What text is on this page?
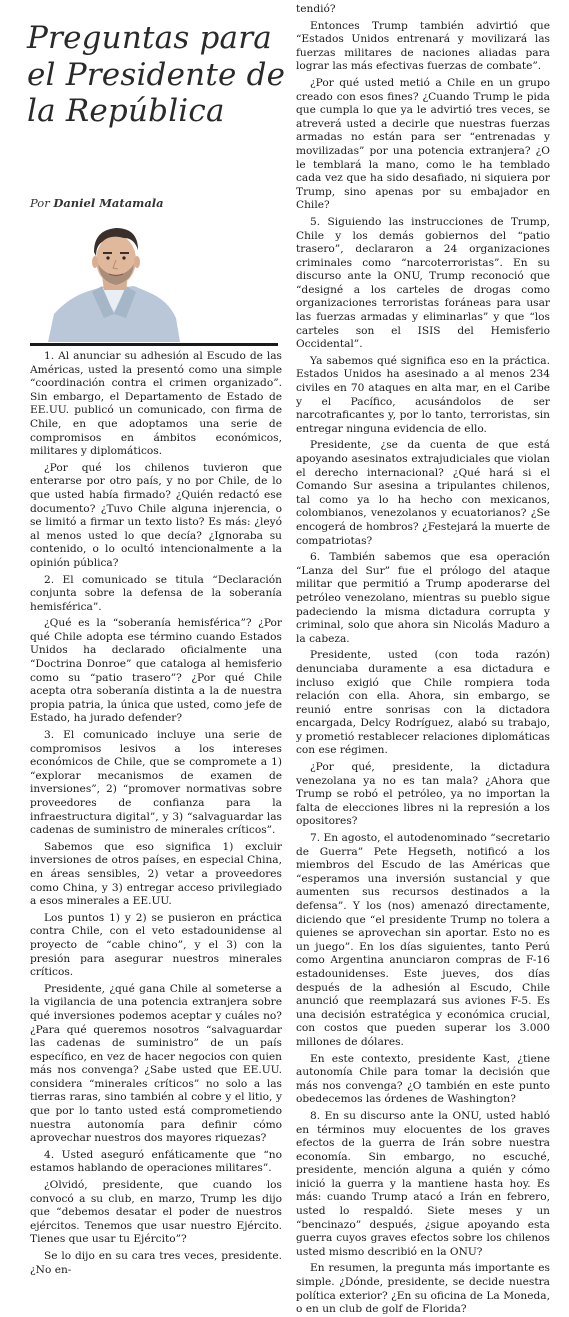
Preguntas para el Presidente de la República
Por Daniel Matamala

1. Al anunciar su adhesión al Escudo de las Américas, usted la presentó como una simple “coordinación contra el crimen organizado”. Sin embargo, el Departamento de Estado de EE.UU. publicó un comunicado, con firma de Chile, en que adoptamos una serie de compromisos en ámbitos económicos, militares y diplomáticos.

¿Por qué los chilenos tuvieron que enterarse por otro país, y no por Chile, de lo que usted había firmado? ¿Quién redactó ese documento? ¿Tuvo Chile alguna injerencia, o se limitó a firmar un texto listo? Es más: ¿leyó al menos usted lo que decía? ¿Ignoraba su contenido, o lo ocultó intencionalmente a la opinión pública?

2. El comunicado se titula “Declaración conjunta sobre la defensa de la soberanía hemisférica”.

¿Qué es la “soberanía hemisférica”? ¿Por qué Chile adopta ese término cuando Estados Unidos ha declarado oficialmente una “Doctrina Donroe” que cataloga al hemisferio como su “patio trasero”? ¿Por qué Chile acepta otra soberanía distinta a la de nuestra propia patria, la única que usted, como jefe de Estado, ha jurado defender?

3. El comunicado incluye una serie de compromisos lesivos a los intereses económicos de Chile, que se compromete a 1) “explorar mecanismos de examen de inversiones”, 2) “promover normativas sobre proveedores de confianza para la infraestructura digital”, y 3) “salvaguardar las cadenas de suministro de minerales críticos”.

Sabemos que eso significa 1) excluir inversiones de otros países, en especial China, en áreas sensibles, 2) vetar a proveedores como China, y 3) entregar acceso privilegiado a esos minerales a EE.UU.

Los puntos 1) y 2) se pusieron en práctica contra Chile, con el veto estadounidense al proyecto de “cable chino”, y el 3) con la presión para asegurar nuestros minerales críticos.

Presidente, ¿qué gana Chile al someterse a la vigilancia de una potencia extranjera sobre qué inversiones podemos aceptar y cuáles no? ¿Para qué queremos nosotros “salvaguardar las cadenas de suministro” de un país específico, en vez de hacer negocios con quien más nos convenga? ¿Sabe usted que EE.UU. considera “minerales críticos” no solo a las tierras raras, sino también al cobre y el litio, y que por lo tanto usted está comprometiendo nuestra autonomía para definir cómo aprovechar nuestros dos mayores riquezas?

4. Usted aseguró enfáticamente que “no estamos hablando de operaciones militares”.

¿Olvidó, presidente, que cuando los convocó a su club, en marzo, Trump les dijo que “debemos desatar el poder de nuestros ejércitos. Tenemos que usar nuestro Ejército. Tienes que usar tu Ejército”?

Se lo dijo en su cara tres veces, presidente. ¿No en-

tendió?

Entonces Trump también advirtió que “Estados Unidos entrenará y movilizará las fuerzas militares de naciones aliadas para lograr las más efectivas fuerzas de combate”.

¿Por qué usted metió a Chile en un grupo creado con esos fines? ¿Cuando Trump le pida que cumpla lo que ya le advirtió tres veces, se atreverá usted a decirle que nuestras fuerzas armadas no están para ser “entrenadas y movilizadas” por una potencia extranjera? ¿O le temblará la mano, como le ha temblado cada vez que ha sido desafiado, ni siquiera por Trump, sino apenas por su embajador en Chile?

5. Siguiendo las instrucciones de Trump, Chile y los demás gobiernos del “patio trasero”, declararon a 24 organizaciones criminales como “narcoterroristas”. En su discurso ante la ONU, Trump reconoció que “designé a los carteles de drogas como organizaciones terroristas foráneas para usar las fuerzas armadas y eliminarlas” y que “los carteles son el ISIS del Hemisferio Occidental”.

Ya sabemos qué significa eso en la práctica. Estados Unidos ha asesinado a al menos 234 civiles en 70 ataques en alta mar, en el Caribe y el Pacífico, acusándolos de ser narcotraficantes y, por lo tanto, terroristas, sin entregar ninguna evidencia de ello.

Presidente, ¿se da cuenta de que está apoyando asesinatos extrajudiciales que violan el derecho internacional? ¿Qué hará si el Comando Sur asesina a tripulantes chilenos, tal como ya lo ha hecho con mexicanos, colombianos, venezolanos y ecuatorianos? ¿Se encogerá de hombros? ¿Festejará la muerte de compatriotas?

6. También sabemos que esa operación “Lanza del Sur” fue el prólogo del ataque militar que permitió a Trump apoderarse del petróleo venezolano, mientras su pueblo sigue padeciendo la misma dictadura corrupta y criminal, solo que ahora sin Nicolás Maduro a la cabeza.

Presidente, usted (con toda razón) denunciaba duramente a esa dictadura e incluso exigió que Chile rompiera toda relación con ella. Ahora, sin embargo, se reunió entre sonrisas con la dictadora encargada, Delcy Rodríguez, alabó su trabajo, y prometió restablecer relaciones diplomáticas con ese régimen.

¿Por qué, presidente, la dictadura venezolana ya no es tan mala? ¿Ahora que Trump se robó el petróleo, ya no importan la falta de elecciones libres ni la represión a los opositores?

7. En agosto, el autodenominado “secretario de Guerra” Pete Hegseth, notificó a los miembros del Escudo de las Américas que “esperamos una inversión sustancial y que aumenten sus recursos destinados a la defensa”. Y los (nos) amenazó directamente, diciendo que “el presidente Trump no tolera a quienes se aprovechan sin aportar. Esto no es un juego”. En los días siguientes, tanto Perú como Argentina anunciaron compras de F-16 estadounidenses. Este jueves, dos días después de la adhesión al Escudo, Chile anunció que reemplazará sus aviones F-5. Es una decisión estratégica y económica crucial, con costos que pueden superar los 3.000 millones de dólares.

En este contexto, presidente Kast, ¿tiene autonomía Chile para tomar la decisión que más nos convenga? ¿O también en este punto obedecemos las órdenes de Washington?

8. En su discurso ante la ONU, usted habló en términos muy elocuentes de los graves efectos de la guerra de Irán sobre nuestra economía. Sin embargo, no escuché, presidente, mención alguna a quién y cómo inició la guerra y la mantiene hasta hoy. Es más: cuando Trump atacó a Irán en febrero, usted lo respaldó. Siete meses y un “bencinazo” después, ¿sigue apoyando esta guerra cuyos graves efectos sobre los chilenos usted mismo describió en la ONU?

En resumen, la pregunta más importante es simple. ¿Dónde, presidente, se decide nuestra política exterior? ¿En su oficina de La Moneda, o en un club de golf de Florida?
